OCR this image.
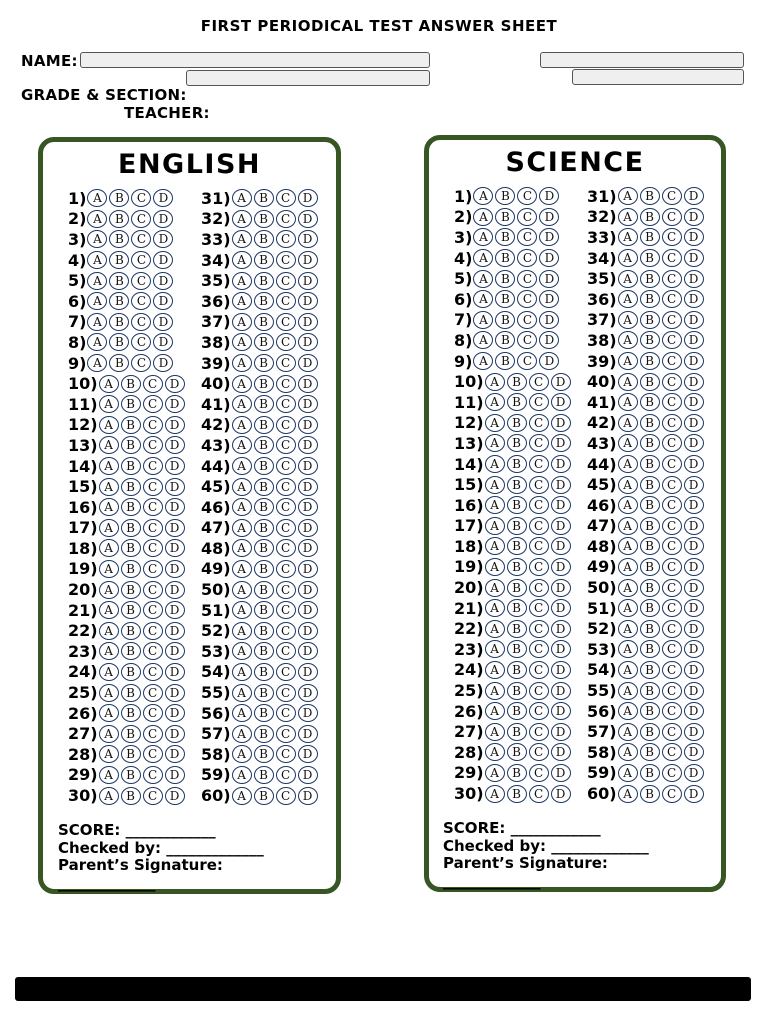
FIRST PERIODICAL TEST ANSWER SHEET
NAME:
GRADE & SECTION:
TEACHER:
ENGLISH
1) A	B	C	D
2) A	B	C	D
3) A	B	C	D
4) A	B	C	D
5) A	B	C	D
6) A	B	C	D
7) A	B	C	D
8) A	B	C	D
9) A	B	C	D
10) A	B	C	D
11) A	B	C	D
12) A	B	C	D
13) A	B	C	D
14) A	B	C	D
15) A	B	C	D
16) A	B	C	D
17) A	B	C	D
18) A	B	C	D
19) A	B	C	D
20) A	B	C	D
21) A	B	C	D
22) A	B	C	D
23) A	B	C	D
24) A	B	C	D
25) A	B	C	D
26) A	B	C	D
27) A	B	C	D
28) A	B	C	D
29) A	B	C	D
30) A	B	C	D
31) A	B	C	D
32) A	B	C	D
33) A	B	C	D
34) A	B	C	D
35) A	B	C	D
36) A	B	C	D
37) A	B	C	D
38) A	B	C	D
39) A	B	C	D
40) A	B	C	D
41) A	B	C	D
42) A	B	C	D
43) A	B	C	D
44) A	B	C	D
45) A	B	C	D
46) A	B	C	D
47) A	B	C	D
48) A	B	C	D
49) A	B	C	D
50) A	B	C	D
51) A	B	C	D
52) A	B	C	D
53) A	B	C	D
54) A	B	C	D
55) A	B	C	D
56) A	B	C	D
57) A	B	C	D
58) A	B	C	D
59) A	B	C	D
60) A	B	C	D
SCORE: ____________
Checked by: _____________
Parent’s Signature:
_____________
SCIENCE
1) A	B	C	D
2) A	B	C	D
3) A	B	C	D
4) A	B	C	D
5) A	B	C	D
6) A	B	C	D
7) A	B	C	D
8) A	B	C	D
9) A	B	C	D
10) A	B	C	D
11) A	B	C	D
12) A	B	C	D
13) A	B	C	D
14) A	B	C	D
15) A	B	C	D
16) A	B	C	D
17) A	B	C	D
18) A	B	C	D
19) A	B	C	D
20) A	B	C	D
21) A	B	C	D
22) A	B	C	D
23) A	B	C	D
24) A	B	C	D
25) A	B	C	D
26) A	B	C	D
27) A	B	C	D
28) A	B	C	D
29) A	B	C	D
30) A	B	C	D
31) A	B	C	D
32) A	B	C	D
33) A	B	C	D
34) A	B	C	D
35) A	B	C	D
36) A	B	C	D
37) A	B	C	D
38) A	B	C	D
39) A	B	C	D
40) A	B	C	D
41) A	B	C	D
42) A	B	C	D
43) A	B	C	D
44) A	B	C	D
45) A	B	C	D
46) A	B	C	D
47) A	B	C	D
48) A	B	C	D
49) A	B	C	D
50) A	B	C	D
51) A	B	C	D
52) A	B	C	D
53) A	B	C	D
54) A	B	C	D
55) A	B	C	D
56) A	B	C	D
57) A	B	C	D
58) A	B	C	D
59) A	B	C	D
60) A	B	C	D
SCORE: ____________
Checked by: _____________
Parent’s Signature:
_____________
